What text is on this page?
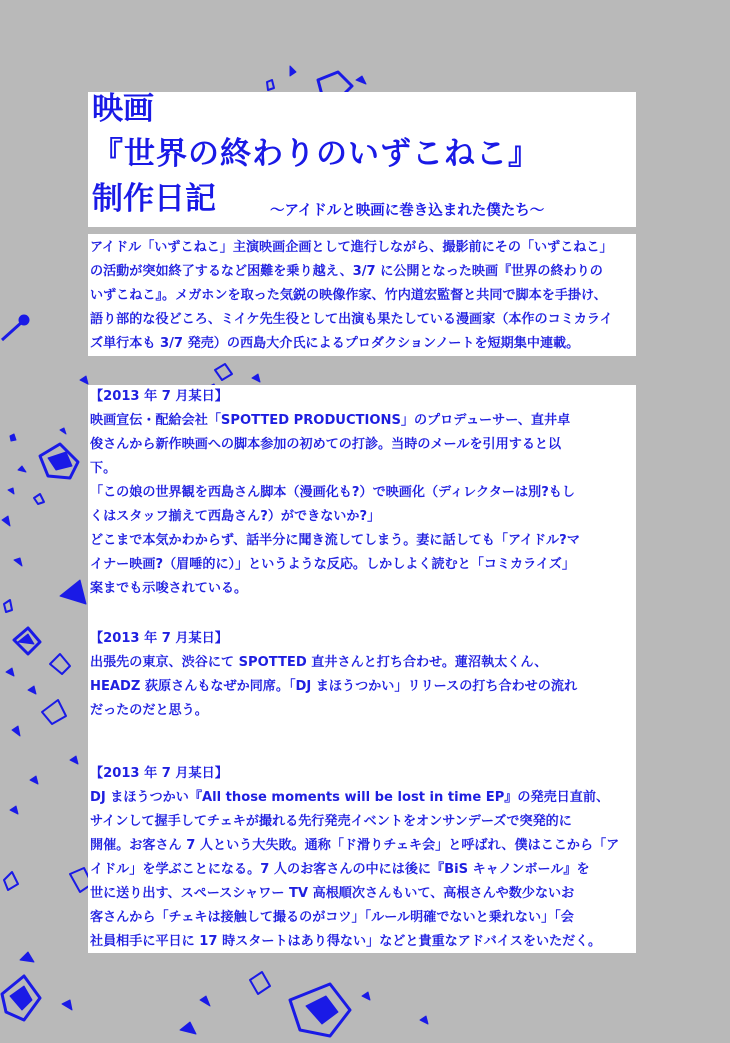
映画
『世界の終わりのいずこねこ』
制作日記	〜アイドルと映画に巻き込まれた僕たち〜
アイドル「いずこねこ」主演映画企画として進行しながら、撮影前にその「いずこねこ」
の活動が突如終了するなど困難を乗り越え、3/7 に公開となった映画『世界の終わりの
いずこねこ』。メガホンを取った気鋭の映像作家、竹内道宏監督と共同で脚本を手掛け、
語り部的な役どころ、ミイケ先生役として出演も果たしている漫画家（本作のコミカライ
ズ単行本も 3/7 発売）の西島大介氏によるプロダクションノートを短期集中連載。
【2013 年 7 月某日】
映画宣伝・配給会社「SPOTTED PRODUCTIONS」のプロデューサー、直井卓
俊さんから新作映画への脚本参加の初めての打診。当時のメールを引用すると以
下。
「この娘の世界観を西島さん脚本（漫画化も?）で映画化（ディレクターは別?もし
くはスタッフ揃えて西島さん?）ができないか?」
どこまで本気かわからず、話半分に聞き流してしまう。妻に話しても「アイドル?マ
イナー映画?（眉唾的に）」というような反応。しかしよく読むと「コミカライズ」
案までも示唆されている。
【2013 年 7 月某日】
出張先の東京、渋谷にて SPOTTED 直井さんと打ち合わせ。蓮沼執太くん、
HEADZ 荻原さんもなぜか同席。「DJ まほうつかい」リリースの打ち合わせの流れ
だったのだと思う。
【2013 年 7 月某日】
DJ まほうつかい『All those moments will be lost in time EP』の発売日直前、
サインして握手してチェキが撮れる先行発売イベントをオンサンデーズで突発的に
開催。お客さん 7 人という大失敗。通称「ド滑りチェキ会」と呼ばれ、僕はここから「ア
イドル」を学ぶことになる。7 人のお客さんの中には後に『BiS キャノンボール』を
世に送り出す、スペースシャワー TV 高根順次さんもいて、高根さんや数少ないお
客さんから「チェキは接触して撮るのがコツ」「ルール明確でないと乗れない」「会
社員相手に平日に 17 時スタートはあり得ない」などと貴重なアドバイスをいただく。
